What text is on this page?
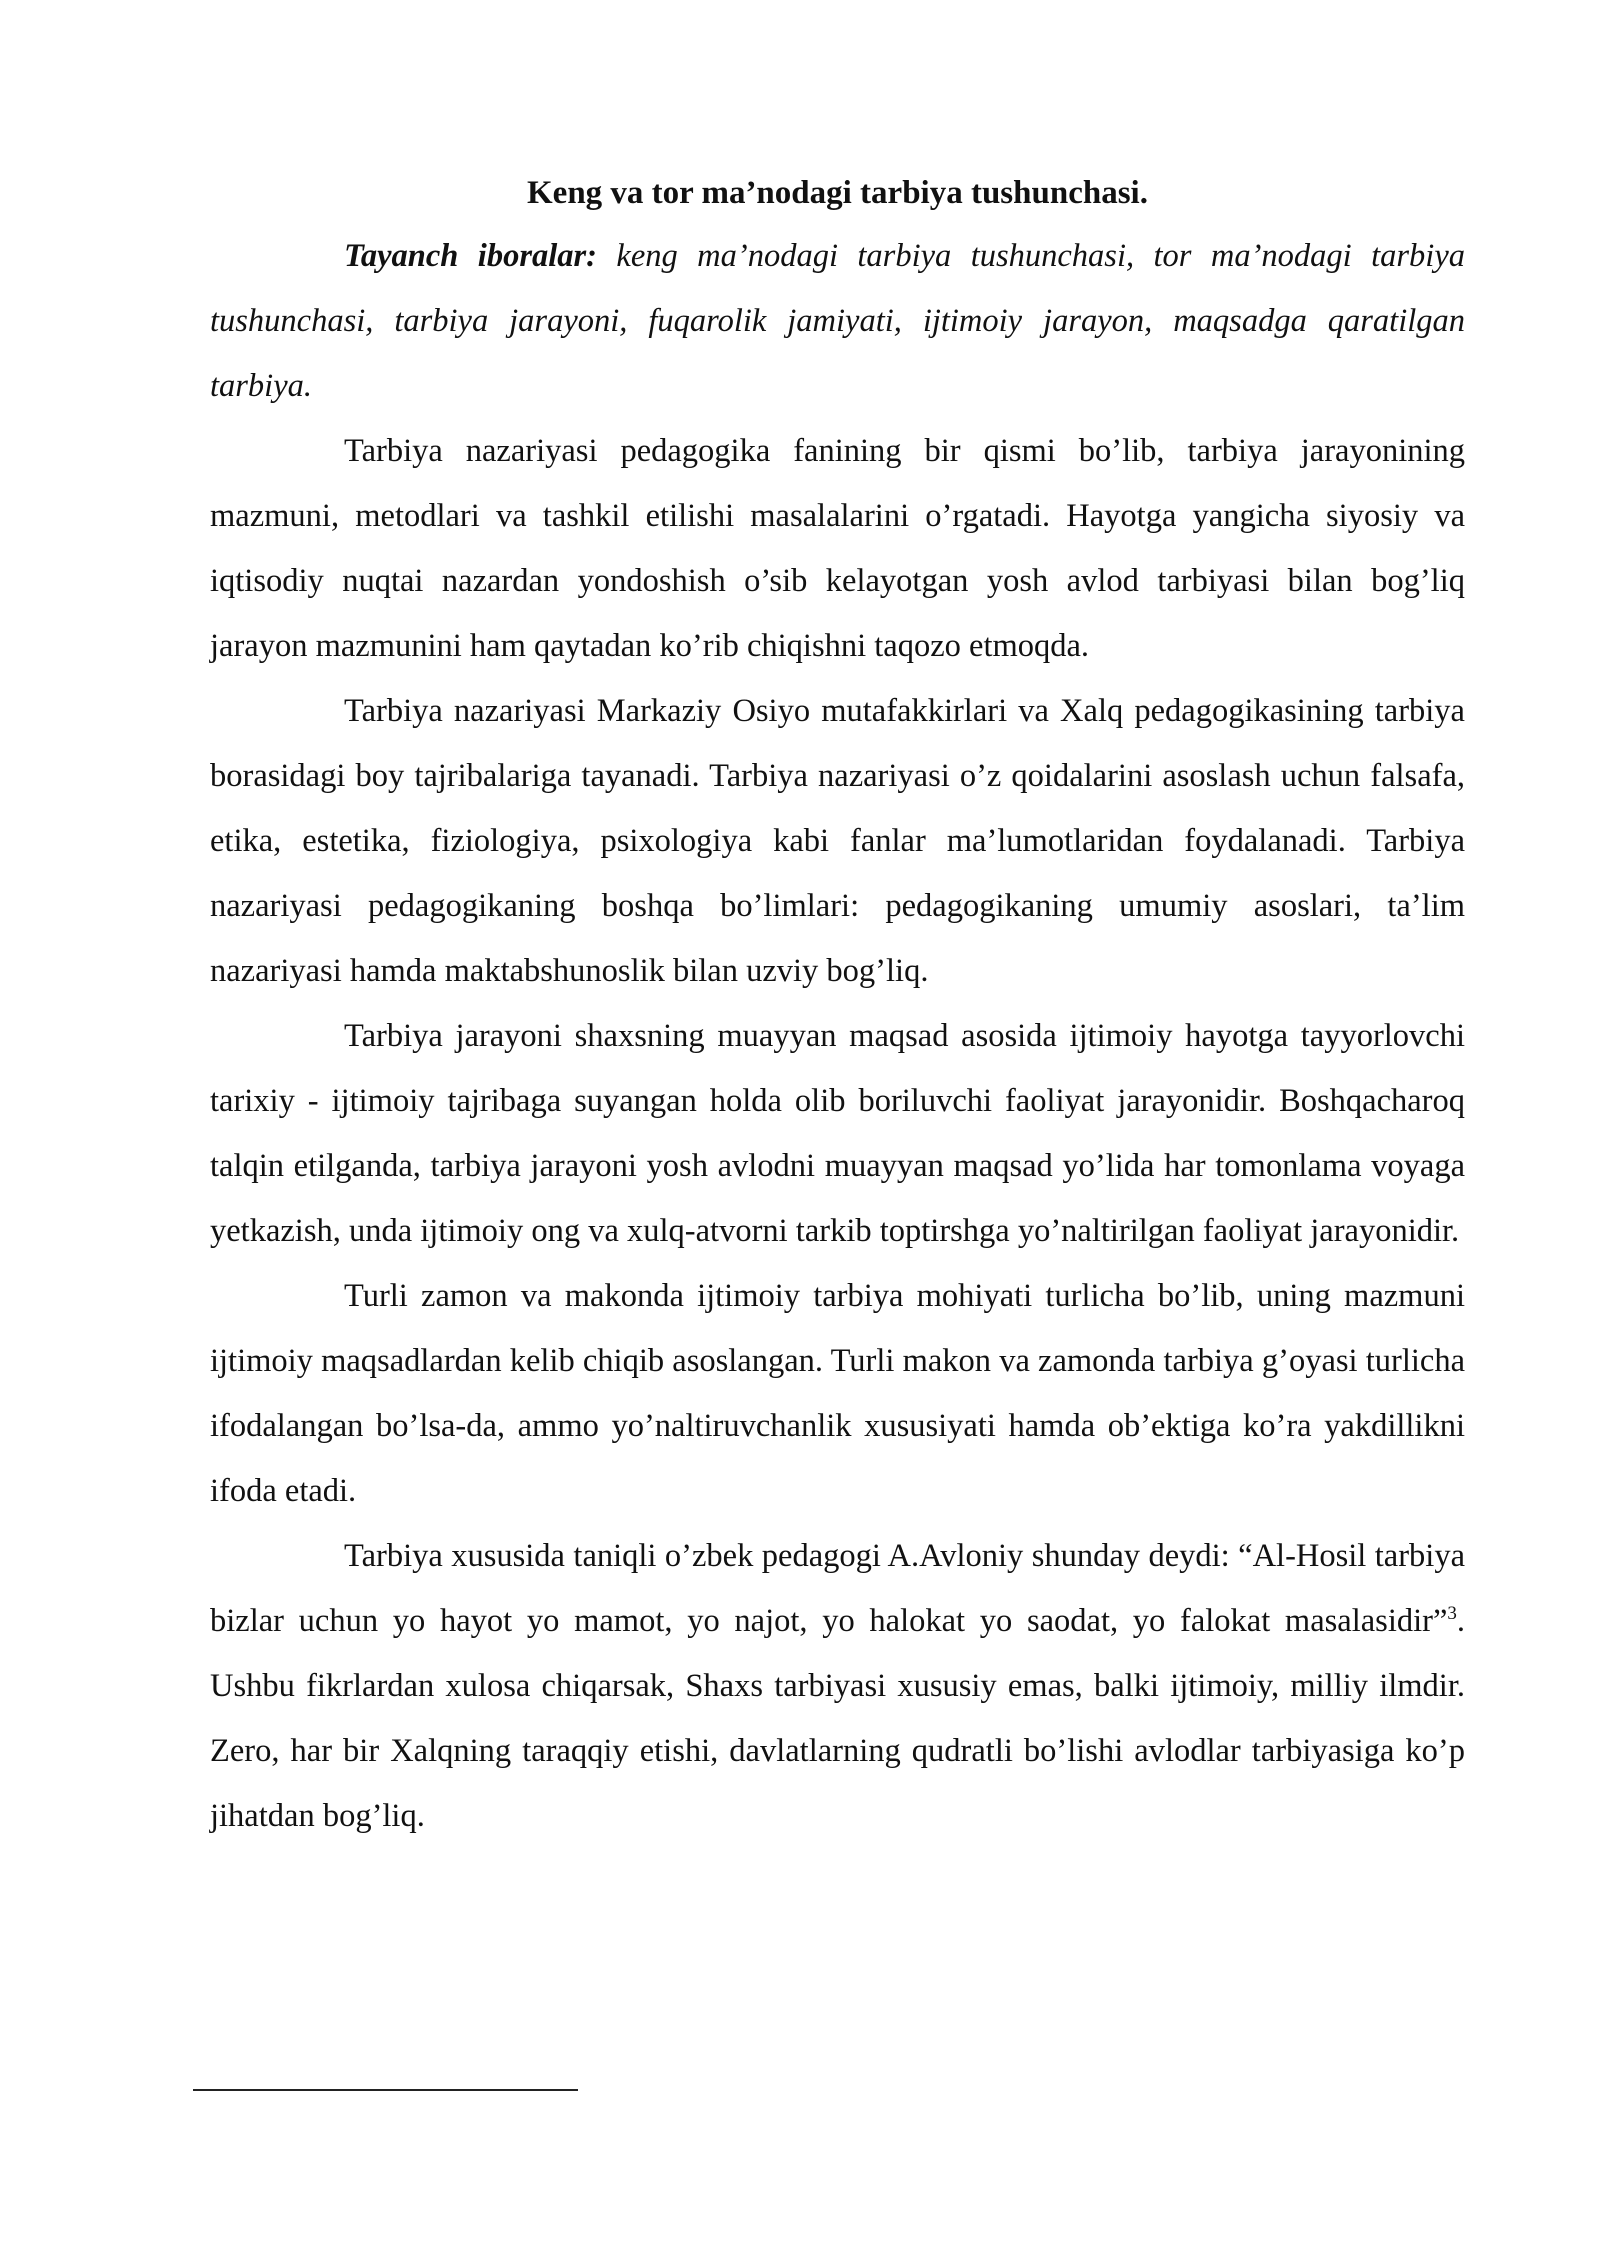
Keng va tor ma’nodagi tarbiya tushunchasi.

Tayanch iboralar: keng ma’nodagi tarbiya tushunchasi, tor ma’nodagi tarbiya tushunchasi, tarbiya jarayoni, fuqarolik jamiyati, ijtimoiy jarayon, maqsadga qaratilgan tarbiya.

Tarbiya nazariyasi pedagogika fanining bir qismi bo’lib, tarbiya jarayonining mazmuni, metodlari va tashkil etilishi masalalarini o’rgatadi. Hayotga yangicha siyosiy va iqtisodiy nuqtai nazardan yondoshish o’sib kelayotgan yosh avlod tarbiyasi bilan bog’liq jarayon mazmunini ham qaytadan ko’rib chiqishni taqozo etmoqda.

Tarbiya nazariyasi Markaziy Osiyo mutafakkirlari va Xalq pedagogikasining tarbiya borasidagi boy tajribalariga tayanadi. Tarbiya nazariyasi o’z qoidalarini asoslash uchun falsafa, etika, estetika, fiziologiya, psixologiya kabi fanlar ma’lumotlaridan foydalanadi. Tarbiya nazariyasi pedagogikaning boshqa bo’limlari: pedagogikaning umumiy asoslari, ta’lim nazariyasi hamda maktabshunoslik bilan uzviy bog’liq.

Tarbiya jarayoni shaxsning muayyan maqsad asosida ijtimoiy hayotga tayyorlovchi tarixiy - ijtimoiy tajribaga suyangan holda olib boriluvchi faoliyat jarayonidir. Boshqacharoq talqin etilganda, tarbiya jarayoni yosh avlodni muayyan maqsad yo’lida har tomonlama voyaga yetkazish, unda ijtimoiy ong va xulq-atvorni tarkib toptirshga yo’naltirilgan faoliyat jarayonidir.

Turli zamon va makonda ijtimoiy tarbiya mohiyati turlicha bo’lib, uning mazmuni ijtimoiy maqsadlardan kelib chiqib asoslangan. Turli makon va zamonda tarbiya g’oyasi turlicha ifodalangan bo’lsa-da, ammo yo’naltiruvchanlik xususiyati hamda ob’ektiga ko’ra yakdillikni ifoda etadi.

Tarbiya xususida taniqli o’zbek pedagogi A.Avloniy shunday deydi: “Al-Hosil tarbiya bizlar uchun yo hayot yo mamot, yo najot, yo halokat yo saodat, yo falokat masalasidir”$^3$. Ushbu fikrlardan xulosa chiqarsak, Shaxs tarbiyasi xususiy emas, balki ijtimoiy, milliy ilmdir. Zero, har bir Xalqning taraqqiy etishi, davlatlarning qudratli bo’lishi avlodlar tarbiyasiga ko’p jihatdan bog’liq.
